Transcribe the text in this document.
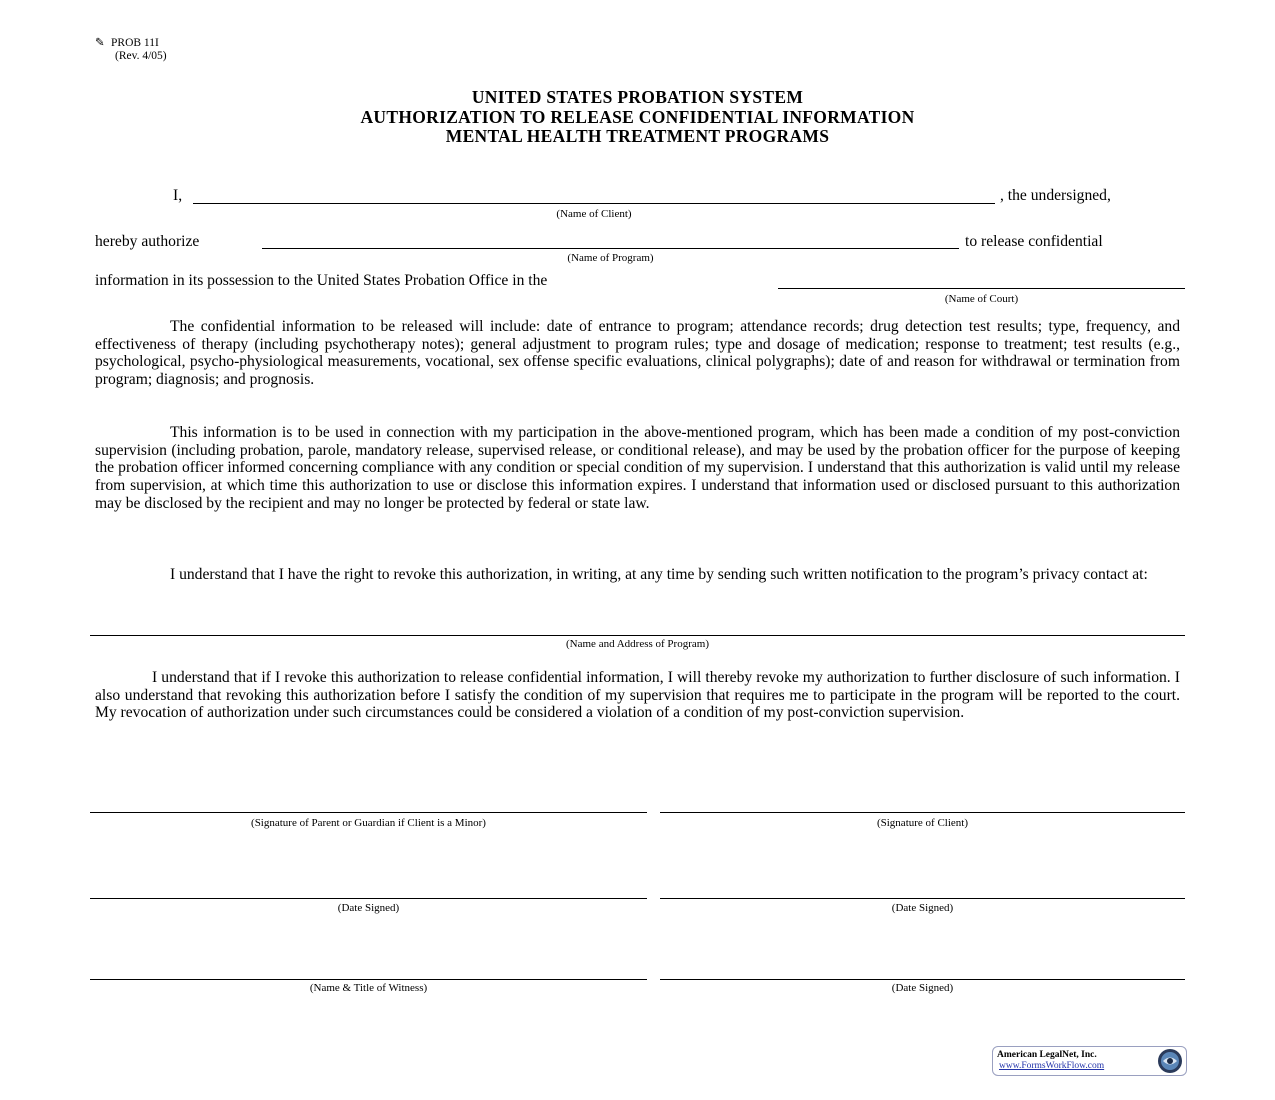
✎ PROB 11I
(Rev. 4/05)
UNITED STATES PROBATION SYSTEM
AUTHORIZATION TO RELEASE CONFIDENTIAL INFORMATION
MENTAL HEALTH TREATMENT PROGRAMS
I,	, the undersigned,
(Name of Client)
hereby authorize	to release confidential
(Name of Program)
information in its possession to the United States Probation Office in the
(Name of Court)

The confidential information to be released will include: date of entrance to program; attendance records; drug detection test results; type, frequency, and effectiveness of therapy (including psychotherapy notes); general adjustment to program rules; type and dosage of medication; response to treatment; test results (e.g., psychological, psycho-physiological measurements, vocational, sex offense specific evaluations, clinical polygraphs); date of and reason for withdrawal or termination from program; diagnosis; and prognosis.

This information is to be used in connection with my participation in the above-mentioned program, which has been made a condition of my post-conviction supervision (including probation, parole, mandatory release, supervised release, or conditional release), and may be used by the probation officer for the purpose of keeping the probation officer informed concerning compliance with any condition or special condition of my supervision. I understand that this authorization is valid until my release from supervision, at which time this authorization to use or disclose this information expires. I understand that information used or disclosed pursuant to this authorization may be disclosed by the recipient and may no longer be protected by federal or state law.

I understand that I have the right to revoke this authorization, in writing, at any time by sending such written notification to the program’s privacy contact at:

(Name and Address of Program)

I understand that if I revoke this authorization to release confidential information, I will thereby revoke my authorization to further disclosure of such information. I also understand that revoking this authorization before I satisfy the condition of my supervision that requires me to participate in the program will be reported to the court. My revocation of authorization under such circumstances could be considered a violation of a condition of my post-conviction supervision.

(Signature of Parent or Guardian if Client is a Minor)	(Signature of Client)
(Date Signed)	(Date Signed)
(Name & Title of Witness)	(Date Signed)
American LegalNet, Inc.
www.FormsWorkFlow.com
